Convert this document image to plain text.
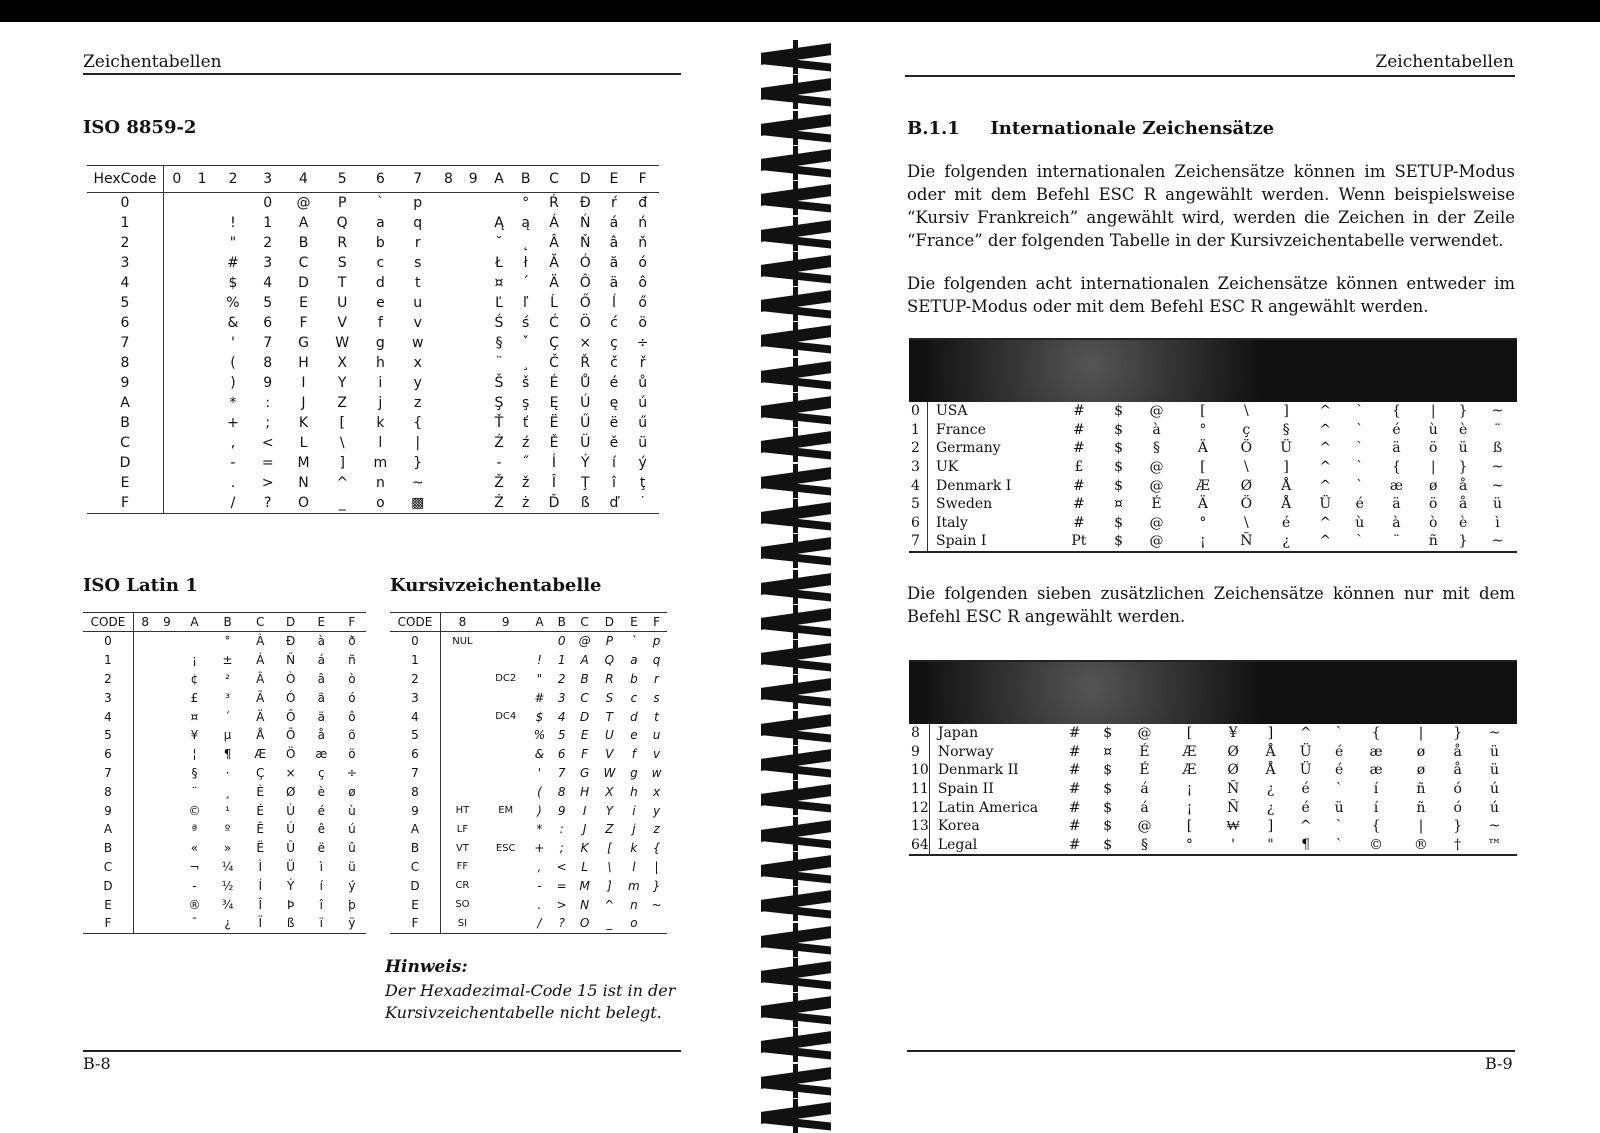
Zeichentabellen
ISO 8859-2
HexCode	0	1	2	3	4	5	6	7	8	9	A	B	C	D	E	F
0				0	@	P	`	p				°	Ŕ	Đ	ŕ	đ
1			!	1	A	Q	a	q			Ą	ą	Á	Ń	á	ń
2			"	2	B	R	b	r			˘	˛	Â	Ň	â	ň
3			#	3	C	S	c	s			Ł	ł	Ă	Ó	ă	ó
4			$	4	D	T	d	t			¤	´	Ä	Ô	ä	ô
5			%	5	E	U	e	u			Ľ	ľ	Ĺ	Ő	ĺ	ő
6			&	6	F	V	f	v			Ś	ś	Ć	Ö	ć	ö
7			'	7	G	W	g	w			§	ˇ	Ç	×	ç	÷
8			(	8	H	X	h	x			¨	¸	Č	Ř	č	ř
9			)	9	I	Y	i	y			Š	š	É	Ů	é	ů
A			*	:	J	Z	j	z			Ş	ş	Ę	Ú	ę	ú
B			+	;	K	[	k	{			Ť	ť	Ë	Ű	ë	ű
C			,	<	L	\	l	|			Ź	ź	Ě	Ü	ě	ü
D			-	=	M	]	m	}			-	˝	Í	Ý	í	ý
E			.	>	N	^	n	~			Ž	ž	Î	Ţ	î	ţ
F			/	?	O	_	o	▩			Ż	ż	Ď	ß	ď	˙
ISO Latin 1
CODE	8	9	A	B	C	D	E	F
0				°	À	Ð	à	ð
1			¡	±	Á	Ñ	á	ñ
2			¢	²	Â	Ò	â	ò
3			£	³	Ã	Ó	ã	ó
4			¤	´	Ä	Ô	ä	ô
5			¥	µ	Å	Õ	å	õ
6			¦	¶	Æ	Ö	æ	ö
7			§	·	Ç	×	ç	÷
8			¨	¸	È	Ø	è	ø
9			©	¹	É	Ù	é	ù
A			ª	º	Ê	Ú	ê	ú
B			«	»	Ë	Û	ë	û
C			¬	¼	Ì	Ü	ì	ü
D			-	½	Í	Ý	í	ý
E			®	¾	Î	Þ	î	þ
F			¯	¿	Ï	ß	ï	ÿ
Kursivzeichentabelle
CODE	8	9	A	B	C	D	E	F
0	NUL			0	@	P	`	p
1			!	1	A	Q	a	q
2		DC2	"	2	B	R	b	r
3			#	3	C	S	c	s
4		DC4	$	4	D	T	d	t
5			%	5	E	U	e	u
6			&	6	F	V	f	v
7			'	7	G	W	g	w
8			(	8	H	X	h	x
9	HT	EM	)	9	I	Y	i	y
A	LF		*	:	J	Z	j	z
B	VT	ESC	+	;	K	[	k	{
C	FF		,	<	L	\	l	|
D	CR		-	=	M	]	m	}
E	SO		.	>	N	^	n	~
F	SI		/	?	O	_	o	
Hinweis:
Der Hexadezimal-Code 15 ist in der Kursivzeichentabelle nicht belegt.
B-8
Zeichentabellen
B.1.1 Internationale Zeichensätze
Die folgenden internationalen Zeichensätze können im SETUP-Modus oder mit dem Befehl ESC R angewählt werden. Wenn beispielsweise “Kursiv Frankreich” angewählt wird, werden die Zeichen in der Zeile “France” der folgenden Tabelle in der Kursivzeichentabelle verwendet.
Die folgenden acht internationalen Zeichensätze können entweder im SETUP-Modus oder mit dem Befehl ESC R angewählt werden.
Die folgenden sieben zusätzlichen Zeichensätze können nur mit dem Befehl ESC R angewählt werden.
B-9
0	USA	#	$	@	[	\	]	^	`	{	|	}	~
1	France	#	$	à	°	ç	§	^	`	é	ù	è	¨
2	Germany	#	$	§	Ä	Ö	Ü	^	`	ä	ö	ü	ß
3	UK	£	$	@	[	\	]	^	`	{	|	}	~
4	Denmark I	#	$	@	Æ	Ø	Å	^	`	æ	ø	å	~
5	Sweden	#	¤	É	Ä	Ö	Å	Ü	é	ä	ö	å	ü
6	Italy	#	$	@	°	\	é	^	ù	à	ò	è	ì
7	Spain I	Pt	$	@	¡	Ñ	¿	^	`	¨	ñ	}	~
8	Japan	#	$	@	[	¥	]	^	`	{	|	}	~
9	Norway	#	¤	É	Æ	Ø	Å	Ü	é	æ	ø	å	ü
10	Denmark II	#	$	É	Æ	Ø	Å	Ü	é	æ	ø	å	ü
11	Spain II	#	$	á	¡	Ñ	¿	é	`	í	ñ	ó	ú
12	Latin America	#	$	á	¡	Ñ	¿	é	ü	í	ñ	ó	ú
13	Korea	#	$	@	[	₩	]	^	`	{	|	}	~
64	Legal	#	$	§	°	'	"	¶	`	©	®	†	™
